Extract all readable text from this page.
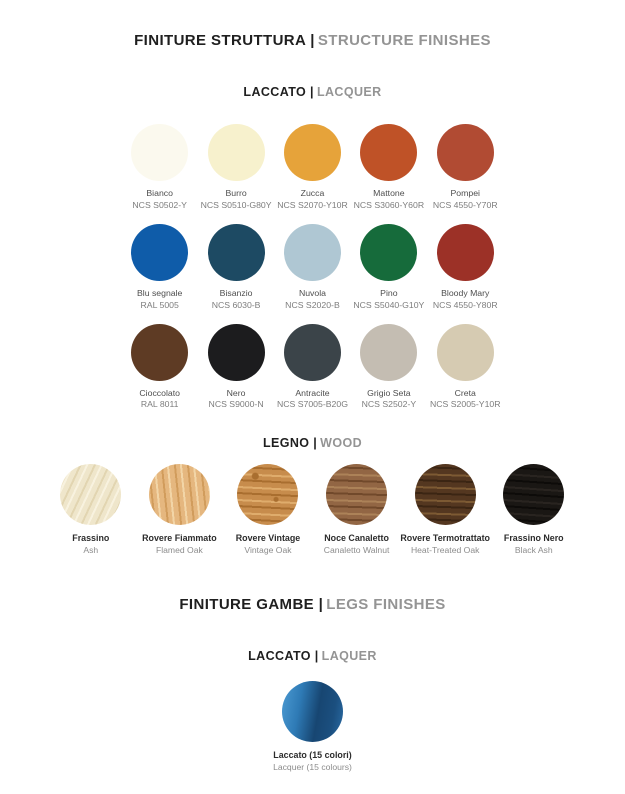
FINITURE STRUTTURA | STRUCTURE FINISHES
LACCATO | LACQUER
Bianco
NCS S0502-Y
Burro
NCS S0510-G80Y
Zucca
NCS S2070-Y10R
Mattone
NCS S3060-Y60R
Pompei
NCS 4550-Y70R
Blu segnale
RAL 5005
Bisanzio
NCS 6030-B
Nuvola
NCS S2020-B
Pino
NCS S5040-G10Y
Bloody Mary
NCS 4550-Y80R
Cioccolato
RAL 8011
Nero
NCS S9000-N
Antracite
NCS S7005-B20G
Grigio Seta
NCS S2502-Y
Creta
NCS S2005-Y10R
LEGNO | WOOD
Frassino
Ash
Rovere Fiammato
Flamed Oak
Rovere Vintage
Vintage Oak
Noce Canaletto
Canaletto Walnut
Rovere Termotrattato
Heat-Treated Oak
Frassino Nero
Black Ash
FINITURE GAMBE | LEGS FINISHES
LACCATO | LAQUER
Laccato (15 colori)
Lacquer (15 colours)
